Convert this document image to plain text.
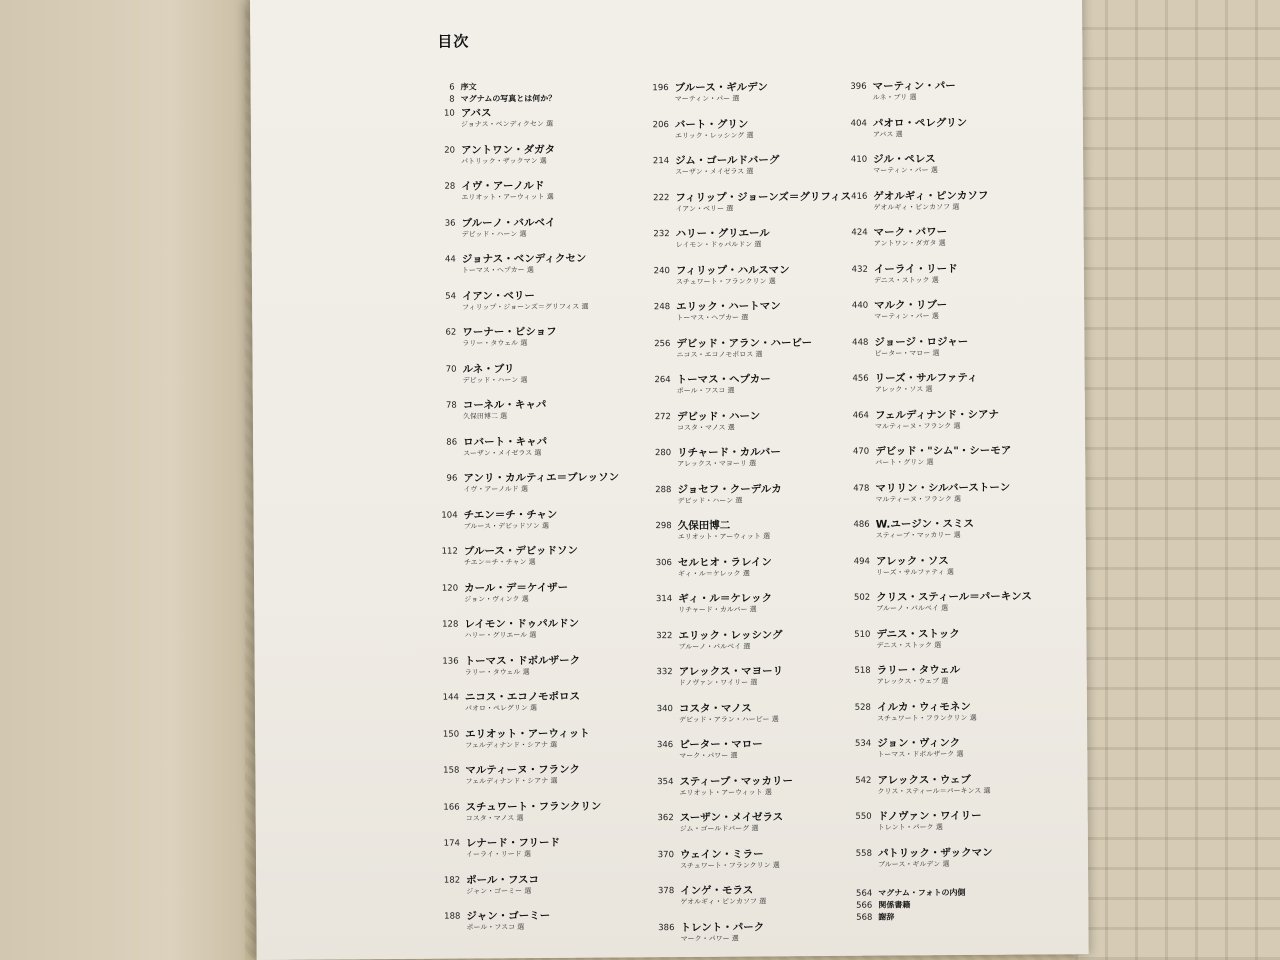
目次
6 序文
8 マグナムの写真とは何か？
10 アバス
ジョナス・ベンディクセン 選
20 アントワン・ダガタ
パトリック・ザックマン 選
28 イヴ・アーノルド
エリオット・アーウィット 選
36 ブルーノ・バルベイ
デビッド・ハーン 選
44 ジョナス・ベンディクセン
トーマス・ヘプカー 選
54 イアン・ベリー
フィリップ・ジョーンズ＝グリフィス 選
62 ワーナー・ビショフ
ラリー・タウェル 選
70 ルネ・ブリ
デビッド・ハーン 選
78 コーネル・キャパ
久保田博二 選
86 ロバート・キャパ
スーザン・メイゼラス 選
96 アンリ・カルティエ＝ブレッソン
イヴ・アーノルド 選
104 チエン＝チ・チャン
ブルース・デビッドソン 選
112 ブルース・デビッドソン
チエン＝チ・チャン 選
120 カール・デ＝ケイザー
ジョン・ヴィンク 選
128 レイモン・ドゥパルドン
ハリー・グリエール 選
136 トーマス・ドボルザーク
ラリー・タウェル 選
144 ニコス・エコノモポロス
パオロ・ペレグリン 選
150 エリオット・アーウィット
フェルディナンド・シアナ 選
158 マルティーヌ・フランク
フェルディナンド・シアナ 選
166 スチュワート・フランクリン
コスタ・マノス 選
174 レナード・フリード
イーライ・リード 選
182 ポール・フスコ
ジャン・ゴーミー 選
188 ジャン・ゴーミー
ポール・フスコ 選
196 ブルース・ギルデン
マーティン・パー 選
206 バート・グリン
エリック・レッシング 選
214 ジム・ゴールドバーグ
スーザン・メイゼラス 選
222 フィリップ・ジョーンズ＝グリフィス
イアン・ベリー 選
232 ハリー・グリエール
レイモン・ドゥパルドン 選
240 フィリップ・ハルスマン
スチュワート・フランクリン 選
248 エリック・ハートマン
トーマス・ヘプカー 選
256 デビッド・アラン・ハービー
ニコス・エコノモポロス 選
264 トーマス・ヘプカー
ポール・フスコ 選
272 デビッド・ハーン
コスタ・マノス 選
280 リチャード・カルバー
アレックス・マヨーリ 選
288 ジョセフ・クーデルカ
デビッド・ハーン 選
298 久保田博二
エリオット・アーウィット 選
306 セルヒオ・ラレイン
ギィ・ル＝ケレック 選
314 ギィ・ル＝ケレック
リチャード・カルバー 選
322 エリック・レッシング
ブルーノ・バルベイ 選
332 アレックス・マヨーリ
ドノヴァン・ワイリー 選
340 コスタ・マノス
デビッド・アラン・ハービー 選
346 ピーター・マロー
マーク・パワー 選
354 スティーブ・マッカリー
エリオット・アーウィット 選
362 スーザン・メイゼラス
ジム・ゴールドバーグ 選
370 ウェイン・ミラー
スチュワート・フランクリン 選
378 インゲ・モラス
ゲオルギィ・ピンカソフ 選
386 トレント・パーク
マーク・パワー 選
396 マーティン・パー
ルネ・ブリ 選
404 パオロ・ペレグリン
アバス 選
410 ジル・ペレス
マーティン・パー 選
416 ゲオルギィ・ピンカソフ
ゲオルギィ・ピンカソフ 選
424 マーク・パワー
アントワン・ダガタ 選
432 イーライ・リード
デニス・ストック 選
440 マルク・リブー
マーティン・パー 選
448 ジョージ・ロジャー
ピーター・マロー 選
456 リーズ・サルファティ
アレック・ソス 選
464 フェルディナンド・シアナ
マルティーヌ・フランク 選
470 デビッド・"シム"・シーモア
バート・グリン 選
478 マリリン・シルバーストーン
マルティーヌ・フランク 選
486 W.ユージン・スミス
スティーブ・マッカリー 選
494 アレック・ソス
リーズ・サルファティ 選
502 クリス・スティール＝パーキンス
ブルーノ・バルベイ 選
510 デニス・ストック
デニス・ストック 選
518 ラリー・タウェル
アレックス・ウェブ 選
528 イルカ・ウィモネン
スチュワート・フランクリン 選
534 ジョン・ヴィンク
トーマス・ドボルザーク 選
542 アレックス・ウェブ
クリス・スティール＝パーキンス 選
550 ドノヴァン・ワイリー
トレント・パーク 選
558 パトリック・ザックマン
ブルース・ギルデン 選
564 マグナム・フォトの内側
566 関係書籍
568 謝辞
